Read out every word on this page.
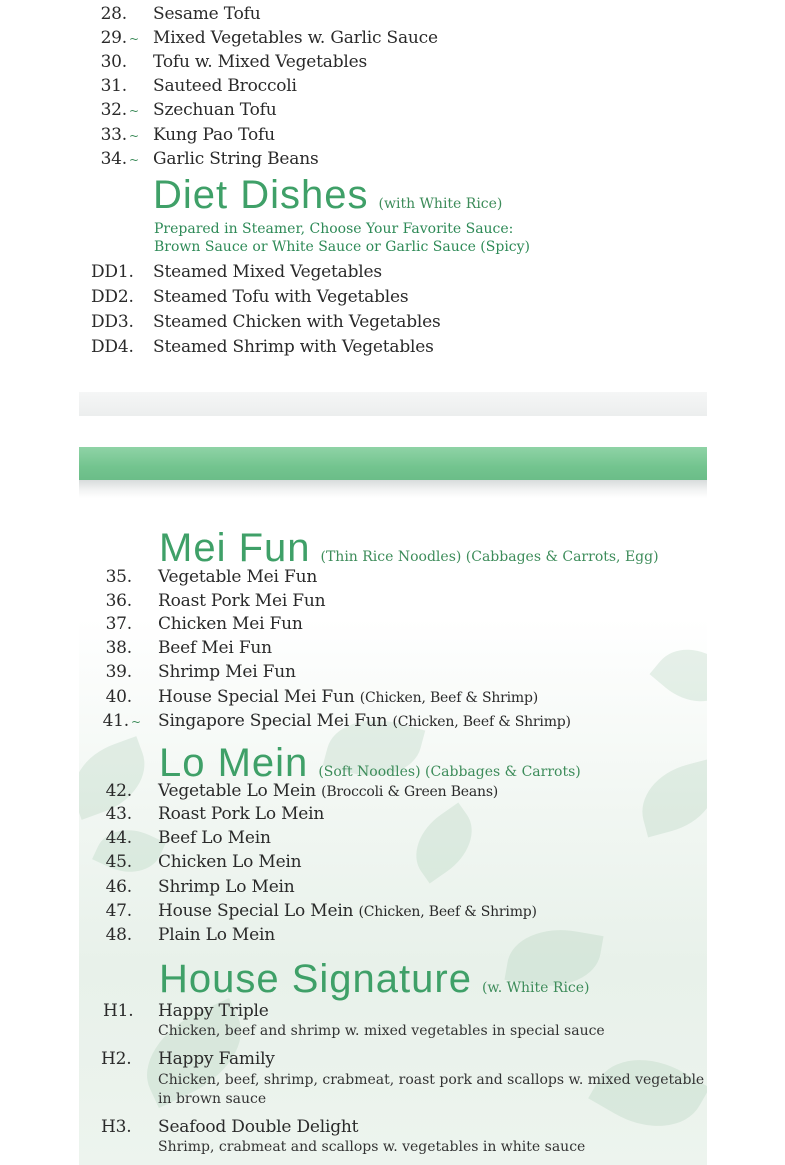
28. Sesame Tofu
29. ~ Mixed Vegetables w. Garlic Sauce
30. Tofu w. Mixed Vegetables
31. Sauteed Broccoli
32. ~ Szechuan Tofu
33. ~ Kung Pao Tofu
34. ~ Garlic String Beans
Diet Dishes (with White Rice)
Prepared in Steamer, Choose Your Favorite Sauce:
Brown Sauce or White Sauce or Garlic Sauce (Spicy)
DD1. Steamed Mixed Vegetables
DD2. Steamed Tofu with Vegetables
DD3. Steamed Chicken with Vegetables
DD4. Steamed Shrimp with Vegetables
Mei Fun (Thin Rice Noodles) (Cabbages & Carrots, Egg)
35. Vegetable Mei Fun
36. Roast Pork Mei Fun
37. Chicken Mei Fun
38. Beef Mei Fun
39. Shrimp Mei Fun
40. House Special Mei Fun (Chicken, Beef & Shrimp)
41. ~ Singapore Special Mei Fun (Chicken, Beef & Shrimp)
Lo Mein (Soft Noodles) (Cabbages & Carrots)
42. Vegetable Lo Mein (Broccoli & Green Beans)
43. Roast Pork Lo Mein
44. Beef Lo Mein
45. Chicken Lo Mein
46. Shrimp Lo Mein
47. House Special Lo Mein (Chicken, Beef & Shrimp)
48. Plain Lo Mein
House Signature (w. White Rice)
H1. Happy Triple
Chicken, beef and shrimp w. mixed vegetables in special sauce
H2. Happy Family
Chicken, beef, shrimp, crabmeat, roast pork and scallops w. mixed vegetable
in brown sauce
H3. Seafood Double Delight
Shrimp, crabmeat and scallops w. vegetables in white sauce
